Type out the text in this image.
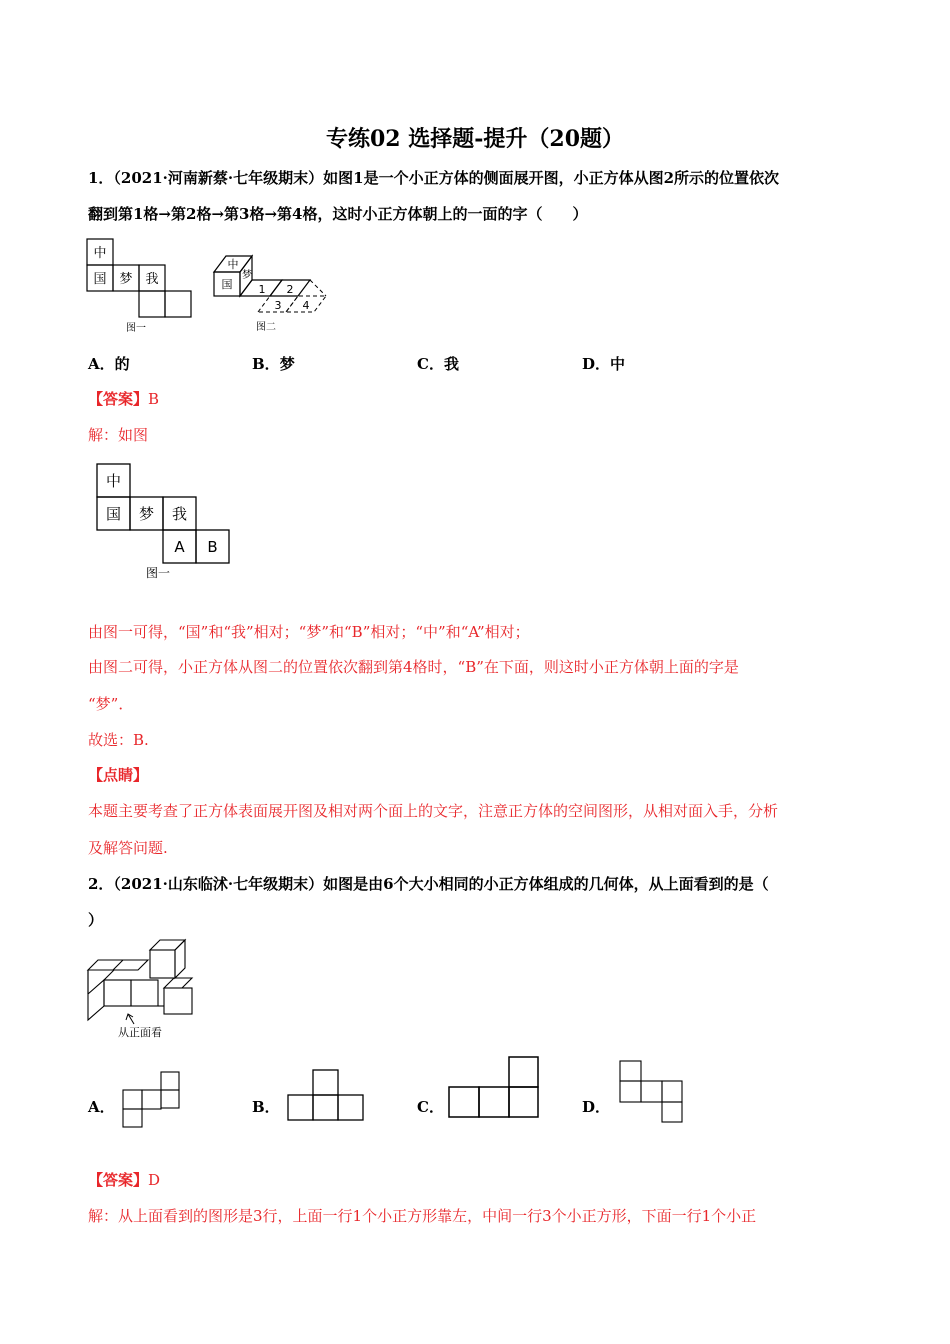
专练02 选择题-提升（20题）
1．（2021·河南新蔡·七年级期末）如图1是一个小正方体的侧面展开图，小正方体从图2所示的位置依次
翻到第1格→第2格→第3格→第4格，这时小正方体朝上的一面的字（　　）
中
国 梦 我
图一
中
国
梦
1 2
3 4
图二
A．的	B．梦	C．我	D．中
【答案】B
解：如图
中
国 梦 我
A B
图一
由图一可得，“国”和“我”相对；“梦”和“B”相对；“中”和“A”相对；
由图二可得，小正方体从图二的位置依次翻到第4格时，“B”在下面，则这时小正方体朝上面的字是
“梦”．
故选：B.
【点睛】
本题主要考查了正方体表面展开图及相对两个面上的文字，注意正方体的空间图形，从相对面入手，分析
及解答问题.
2．（2021·山东临沭·七年级期末）如图是由6个大小相同的小正方体组成的几何体，从上面看到的是（
）
从正面看
A．	B．	C．	D．
【答案】D
解：从上面看到的图形是3行，上面一行1个小正方形靠左，中间一行3个小正方形，下面一行1个小正
